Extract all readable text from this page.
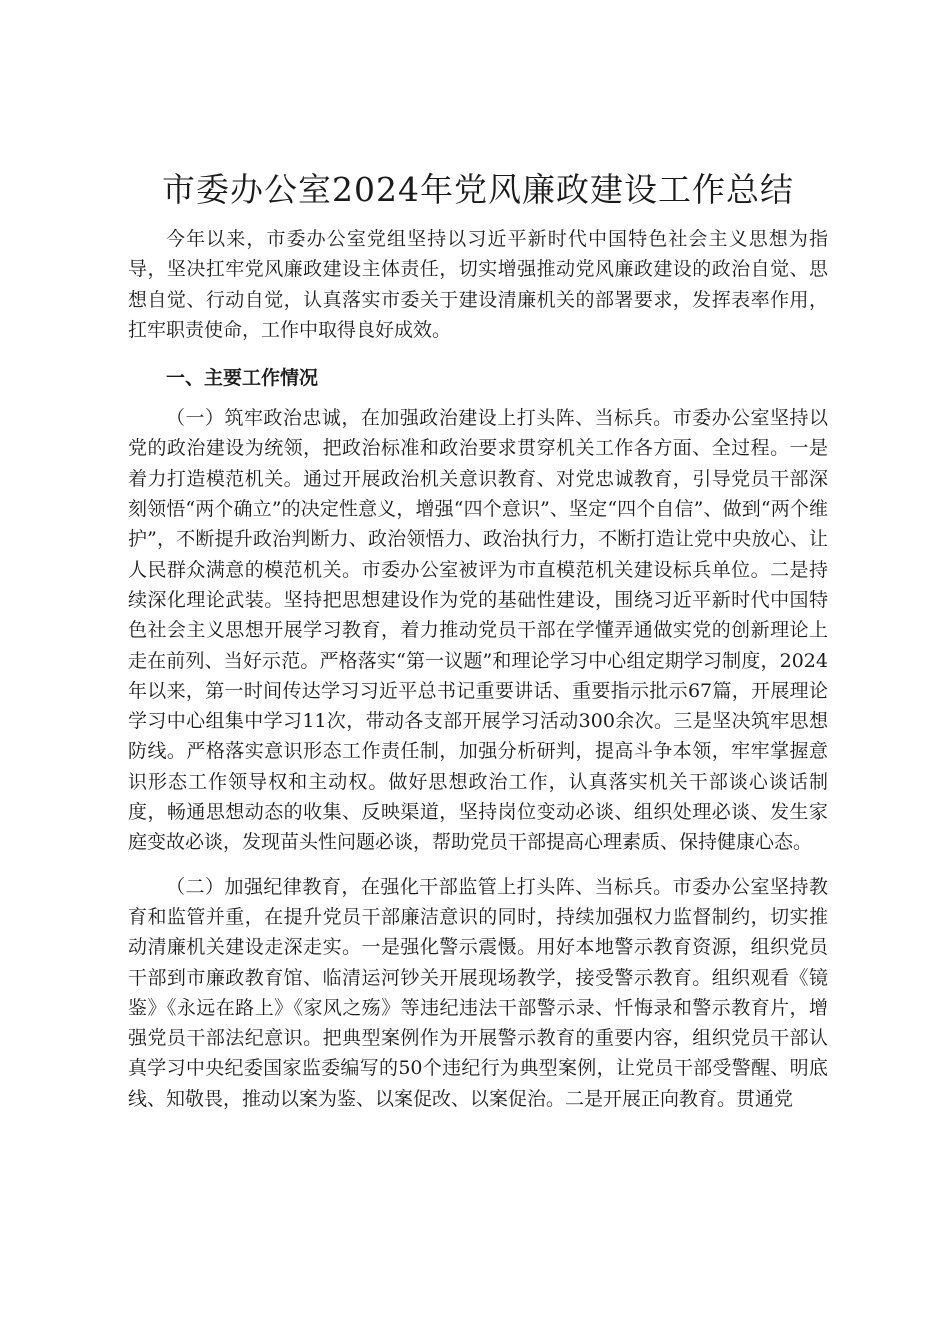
市委办公室2024年党风廉政建设工作总结

今年以来，市委办公室党组坚持以习近平新时代中国特色社会主义思想为指导，坚决扛牢党风廉政建设主体责任，切实增强推动党风廉政建设的政治自觉、思想自觉、行动自觉，认真落实市委关于建设清廉机关的部署要求，发挥表率作用，扛牢职责使命，工作中取得良好成效。

一、主要工作情况

（一）筑牢政治忠诚，在加强政治建设上打头阵、当标兵。市委办公室坚持以党的政治建设为统领，把政治标准和政治要求贯穿机关工作各方面、全过程。一是着力打造模范机关。通过开展政治机关意识教育、对党忠诚教育，引导党员干部深刻领悟“两个确立”的决定性意义，增强“四个意识”、坚定“四个自信”、做到“两个维护”，不断提升政治判断力、政治领悟力、政治执行力，不断打造让党中央放心、让人民群众满意的模范机关。市委办公室被评为市直模范机关建设标兵单位。二是持续深化理论武装。坚持把思想建设作为党的基础性建设，围绕习近平新时代中国特色社会主义思想开展学习教育，着力推动党员干部在学懂弄通做实党的创新理论上走在前列、当好示范。严格落实“第一议题”和理论学习中心组定期学习制度，2024年以来，第一时间传达学习习近平总书记重要讲话、重要指示批示67篇，开展理论学习中心组集中学习11次，带动各支部开展学习活动300余次。三是坚决筑牢思想防线。严格落实意识形态工作责任制，加强分析研判，提高斗争本领，牢牢掌握意识形态工作领导权和主动权。做好思想政治工作，认真落实机关干部谈心谈话制度，畅通思想动态的收集、反映渠道，坚持岗位变动必谈、组织处理必谈、发生家庭变故必谈，发现苗头性问题必谈，帮助党员干部提高心理素质、保持健康心态。

（二）加强纪律教育，在强化干部监管上打头阵、当标兵。市委办公室坚持教育和监管并重，在提升党员干部廉洁意识的同时，持续加强权力监督制约，切实推动清廉机关建设走深走实。一是强化警示震慑。用好本地警示教育资源，组织党员干部到市廉政教育馆、临清运河钞关开展现场教学，接受警示教育。组织观看《镜鉴》《永远在路上》《家风之殇》等违纪违法干部警示录、忏悔录和警示教育片，增强党员干部法纪意识。把典型案例作为开展警示教育的重要内容，组织党员干部认真学习中央纪委国家监委编写的50个违纪行为典型案例，让党员干部受警醒、明底线、知敬畏，推动以案为鉴、以案促改、以案促治。二是开展正向教育。贯通党
